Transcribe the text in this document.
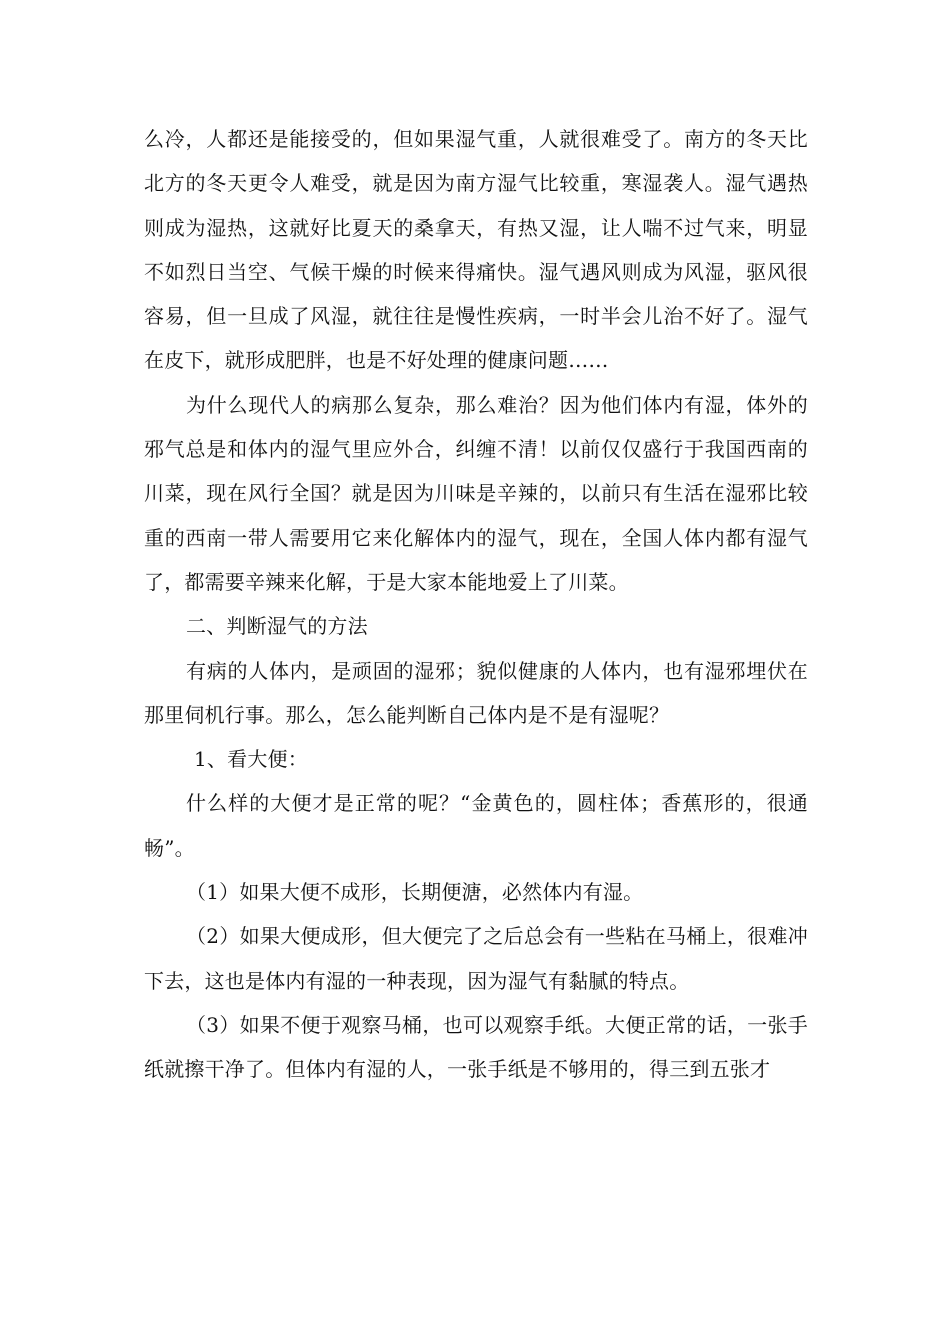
么冷，人都还是能接受的，但如果湿气重，人就很难受了。南方的冬天比北方的冬天更令人难受，就是因为南方湿气比较重，寒湿袭人。湿气遇热则成为湿热，这就好比夏天的桑拿天，有热又湿，让人喘不过气来，明显不如烈日当空、气候干燥的时候来得痛快。湿气遇风则成为风湿，驱风很容易，但一旦成了风湿，就往往是慢性疾病，一时半会儿治不好了。湿气在皮下，就形成肥胖，也是不好处理的健康问题……

为什么现代人的病那么复杂，那么难治？因为他们体内有湿，体外的邪气总是和体内的湿气里应外合，纠缠不清！以前仅仅盛行于我国西南的川菜，现在风行全国？就是因为川味是辛辣的，以前只有生活在湿邪比较重的西南一带人需要用它来化解体内的湿气，现在，全国人体内都有湿气了，都需要辛辣来化解，于是大家本能地爱上了川菜。

二、判断湿气的方法

有病的人体内，是顽固的湿邪；貌似健康的人体内，也有湿邪埋伏在那里伺机行事。那么，怎么能判断自己体内是不是有湿呢？

1、看大便：

什么样的大便才是正常的呢？“金黄色的，圆柱体；香蕉形的，很通畅”。

（1）如果大便不成形，长期便溏，必然体内有湿。

（2）如果大便成形，但大便完了之后总会有一些粘在马桶上，很难冲下去，这也是体内有湿的一种表现，因为湿气有黏腻的特点。

（3）如果不便于观察马桶，也可以观察手纸。大便正常的话，一张手纸就擦干净了。但体内有湿的人，一张手纸是不够用的，得三到五张才
